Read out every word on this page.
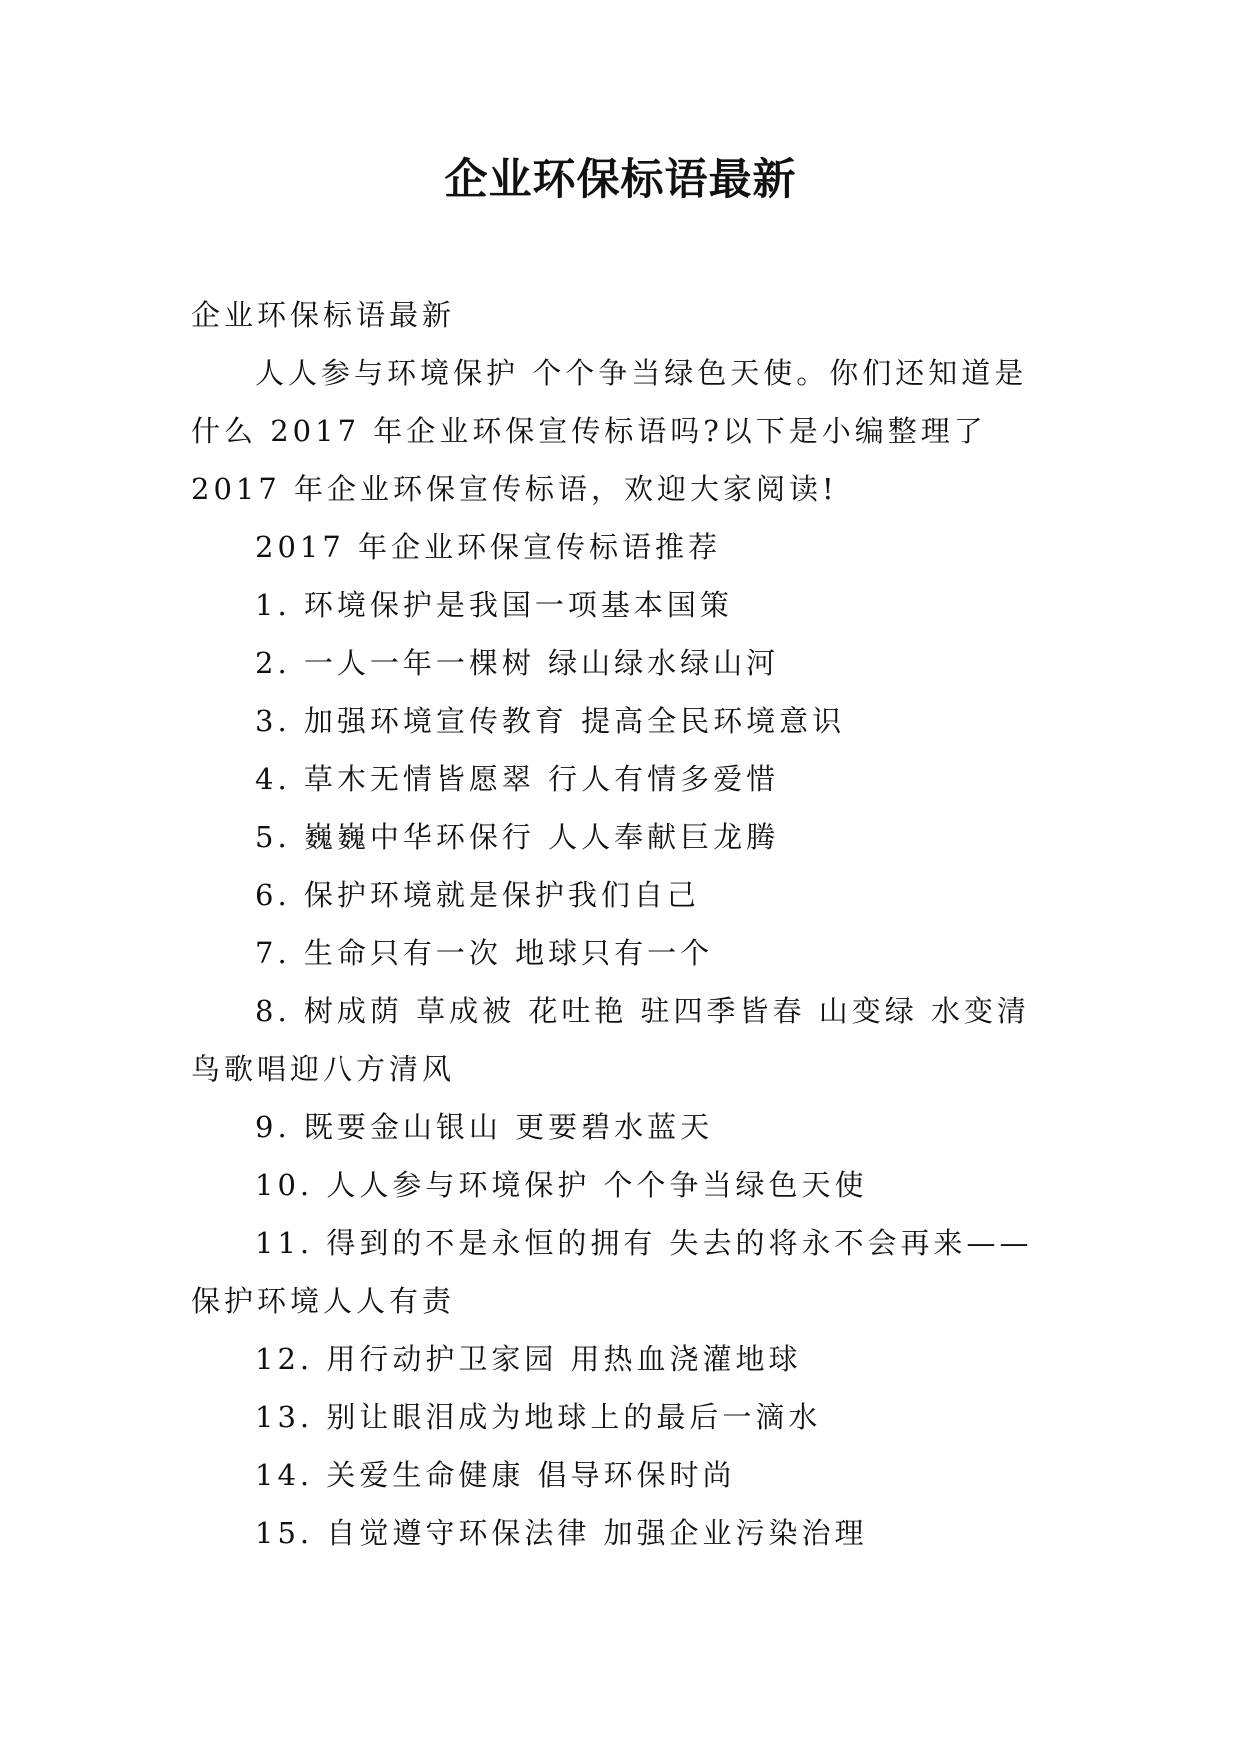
企业环保标语最新

企业环保标语最新

人人参与环境保护 个个争当绿色天使。你们还知道是什么 2017 年企业环保宣传标语吗?以下是小编整理了 2017 年企业环保宣传标语，欢迎大家阅读!

2017 年企业环保宣传标语推荐

1. 环境保护是我国一项基本国策

2. 一人一年一棵树 绿山绿水绿山河

3. 加强环境宣传教育 提高全民环境意识

4. 草木无情皆愿翠 行人有情多爱惜

5. 巍巍中华环保行 人人奉献巨龙腾

6. 保护环境就是保护我们自己

7. 生命只有一次 地球只有一个

8. 树成荫 草成被 花吐艳 驻四季皆春 山变绿 水变清 鸟歌唱迎八方清风

9. 既要金山银山 更要碧水蓝天

10. 人人参与环境保护 个个争当绿色天使

11. 得到的不是永恒的拥有 失去的将永不会再来——保护环境人人有责

12. 用行动护卫家园 用热血浇灌地球

13. 别让眼泪成为地球上的最后一滴水

14. 关爱生命健康 倡导环保时尚

15. 自觉遵守环保法律 加强企业污染治理
